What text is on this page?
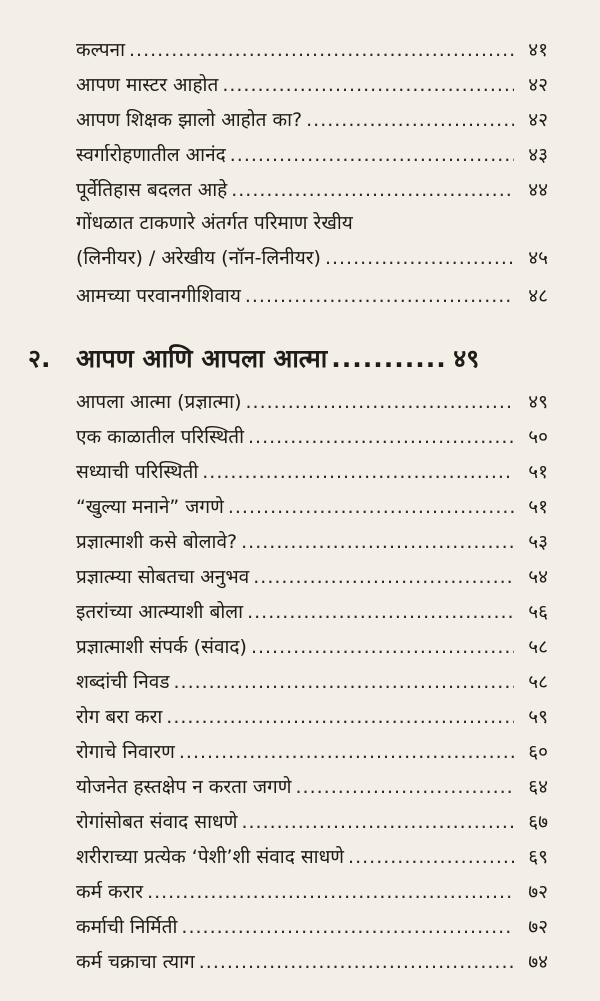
कल्पना .....	४१
आपण मास्टर आहोत .....	४२
आपण शिक्षक झालो आहोत का? .....	४२
स्वर्गारोहणातील आनंद .....	४३
पूर्वेतिहास बदलत आहे .....	४४
गोंधळात टाकणारे अंतर्गत परिमाण रेखीय
(लिनीयर) / अरेखीय (नॉन-लिनीयर) .....	४५
आमच्या परवानगीशिवाय .....	४८
२.	आपण आणि आपला आत्मा .....	४९
आपला आत्मा (प्रज्ञात्मा) .....	४९
एक काळातील परिस्थिती .....	५०
सध्याची परिस्थिती .....	५१
“खुल्या मनाने” जगणे .....	५१
प्रज्ञात्माशी कसे बोलावे? .....	५३
प्रज्ञात्म्या सोबतचा अनुभव .....	५४
इतरांच्या आत्म्याशी बोला .....	५६
प्रज्ञात्माशी संपर्क (संवाद) .....	५८
शब्दांची निवड .....	५८
रोग बरा करा .....	५९
रोगाचे निवारण .....	६०
योजनेत हस्तक्षेप न करता जगणे .....	६४
रोगांसोबत संवाद साधणे .....	६७
शरीराच्या प्रत्येक ‘पेशी’शी संवाद साधणे .....	६९
कर्म करार .....	७२
कर्माची निर्मिती .....	७२
कर्म चक्राचा त्याग .....	७४
